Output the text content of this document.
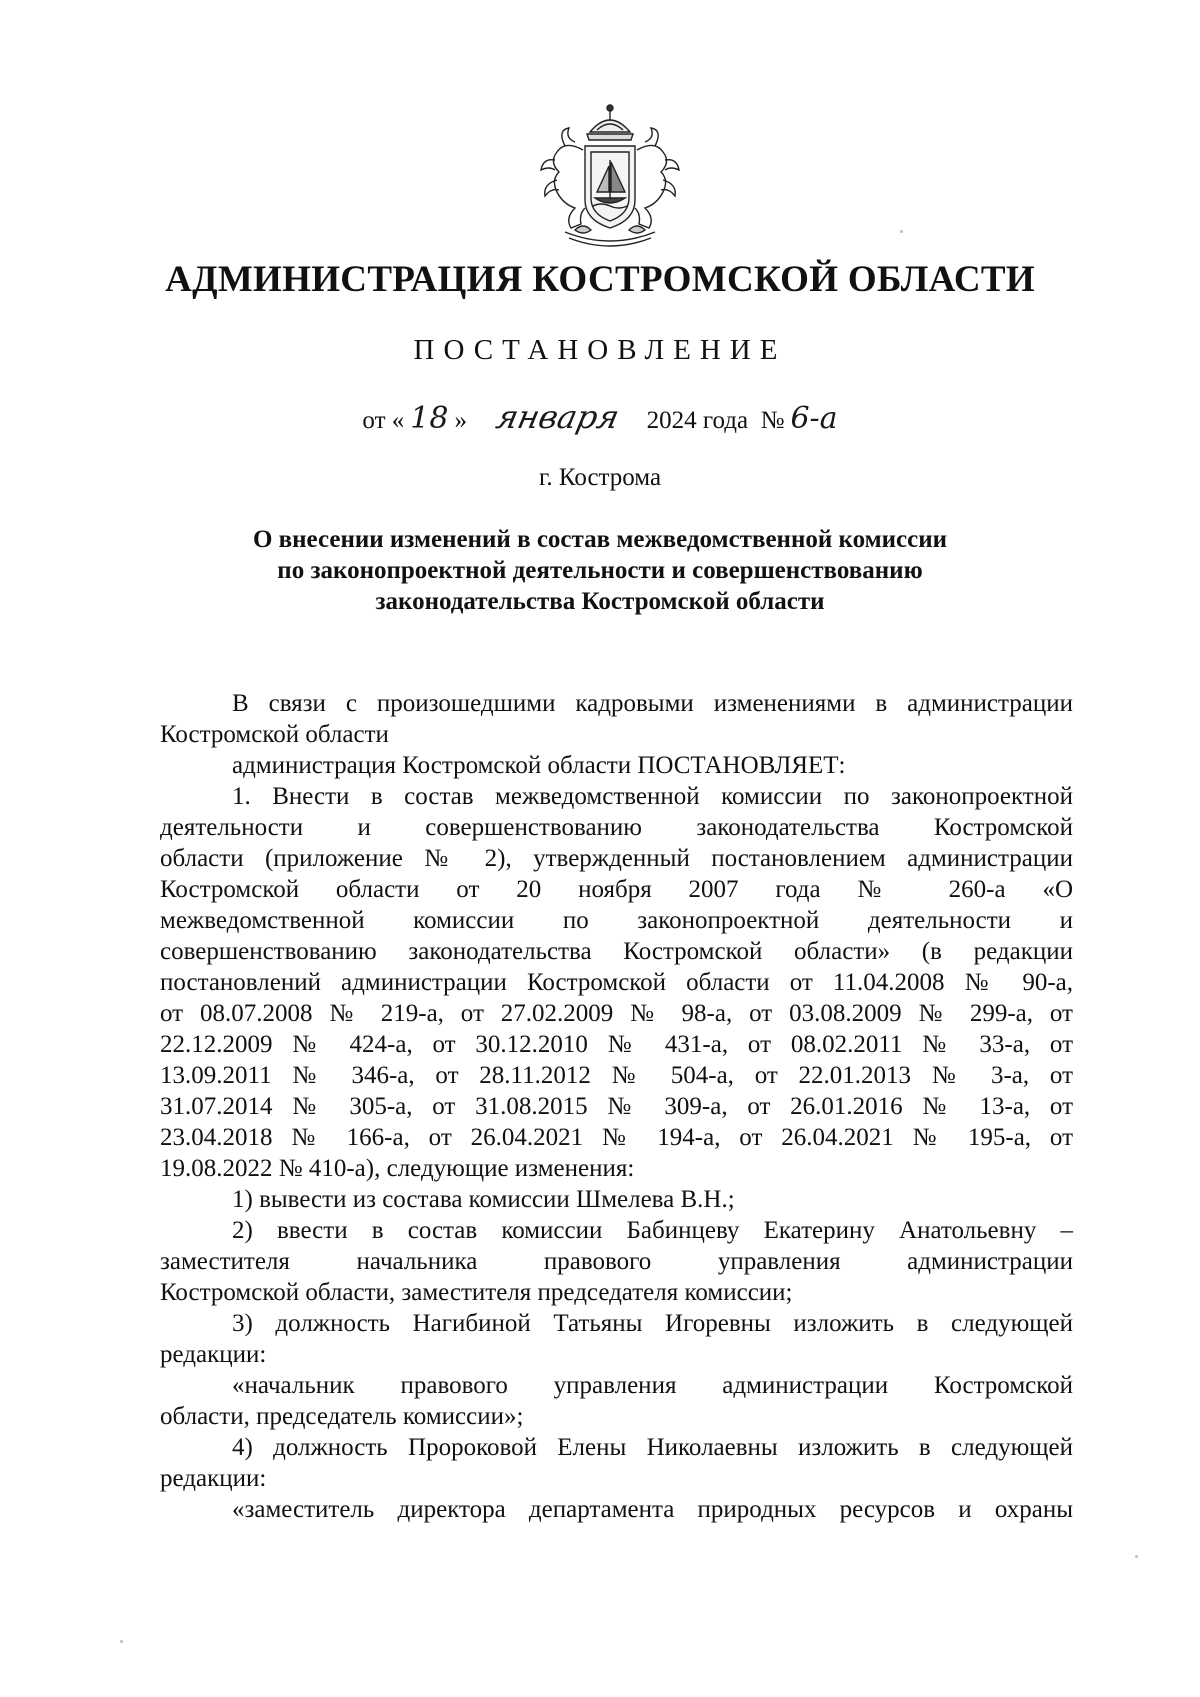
АДМИНИСТРАЦИЯ КОСТРОМСКОЙ ОБЛАСТИ
ПОСТАНОВЛЕНИЕ
от « 18 » января 2024 года № 6-а
г. Кострома
О внесении изменений в состав межведомственной комиссии
по законопроектной деятельности и совершенствованию
законодательства Костромской области

В связи с произошедшими кадровыми изменениями в администрации

Костромской области

администрация Костромской области ПОСТАНОВЛЯЕТ:

1. Внести в состав межведомственной комиссии по законопроектной

деятельности и совершенствованию законодательства Костромской

области (приложение № 2), утвержденный постановлением администрации

Костромской области от 20 ноября 2007 года № 260-а «О

межведомственной комиссии по законопроектной деятельности и

совершенствованию законодательства Костромской области» (в редакции

постановлений администрации Костромской области от 11.04.2008 № 90-а,

от 08.07.2008 № 219-а, от 27.02.2009 № 98-а, от 03.08.2009 № 299-а, от

22.12.2009 № 424-а, от 30.12.2010 № 431-а, от 08.02.2011 № 33-а, от

13.09.2011 № 346-а, от 28.11.2012 № 504-а, от 22.01.2013 № 3-а, от

31.07.2014 № 305-а, от 31.08.2015 № 309-а, от 26.01.2016 № 13-а, от

23.04.2018 № 166-а, от 26.04.2021 № 194-а, от 26.04.2021 № 195-а, от

19.08.2022 № 410-а), следующие изменения:

1) вывести из состава комиссии Шмелева В.Н.;

2) ввести в состав комиссии Бабинцеву Екатерину Анатольевну –

заместителя начальника правового управления администрации

Костромской области, заместителя председателя комиссии;

3) должность Нагибиной Татьяны Игоревны изложить в следующей

редакции:

«начальник правового управления администрации Костромской

области, председатель комиссии»;

4) должность Пророковой Елены Николаевны изложить в следующей

редакции:

«заместитель директора департамента природных ресурсов и охраны
